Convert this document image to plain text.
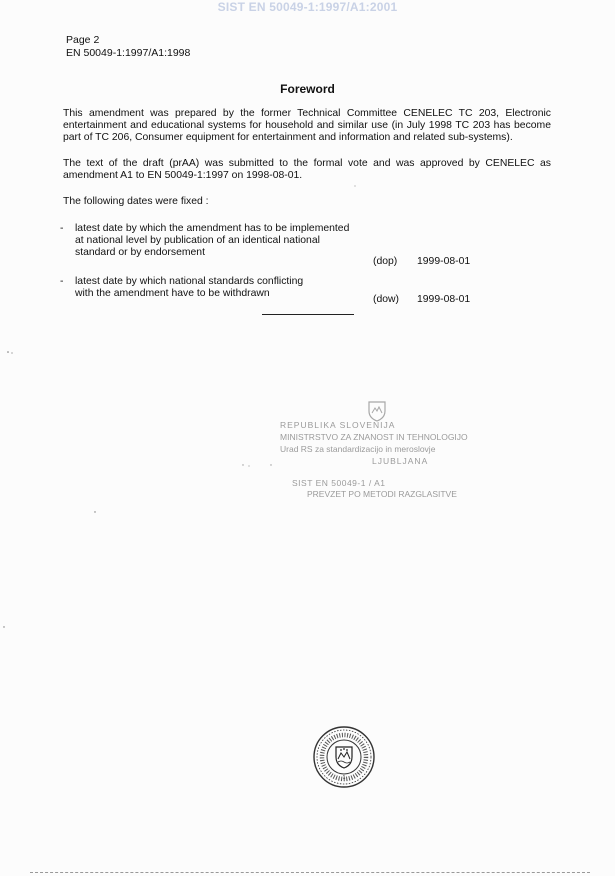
SIST EN 50049-1:1997/A1:2001
Page 2
EN 50049-1:1997/A1:1998
Foreword
This amendment was prepared by the former Technical Committee CENELEC TC 203, Electronic entertainment and educational systems for household and similar use (in July 1998 TC 203 has become part of TC 206, Consumer equipment for entertainment and information and related sub-systems).
The text of the draft (prAA) was submitted to the formal vote and was approved by CENELEC as amendment A1 to EN 50049-1:1997 on 1998-08-01.
The following dates were fixed :
- latest date by which the amendment has to be implemented
at national level by publication of an identical national
standard or by endorsement
(dop)	1999-08-01
- latest date by which national standards conflicting
with the amendment have to be withdrawn
(dow)	1999-08-01
REPUBLIKA SLOVENIJA
MINISTRSTVO ZA ZNANOST IN TEHNOLOGIJO
Urad RS za standardizacijo in meroslovje
LJUBLJANA
SIST EN 50049-1 / A1
PREVZET PO METODI RAZGLASITVE
1
